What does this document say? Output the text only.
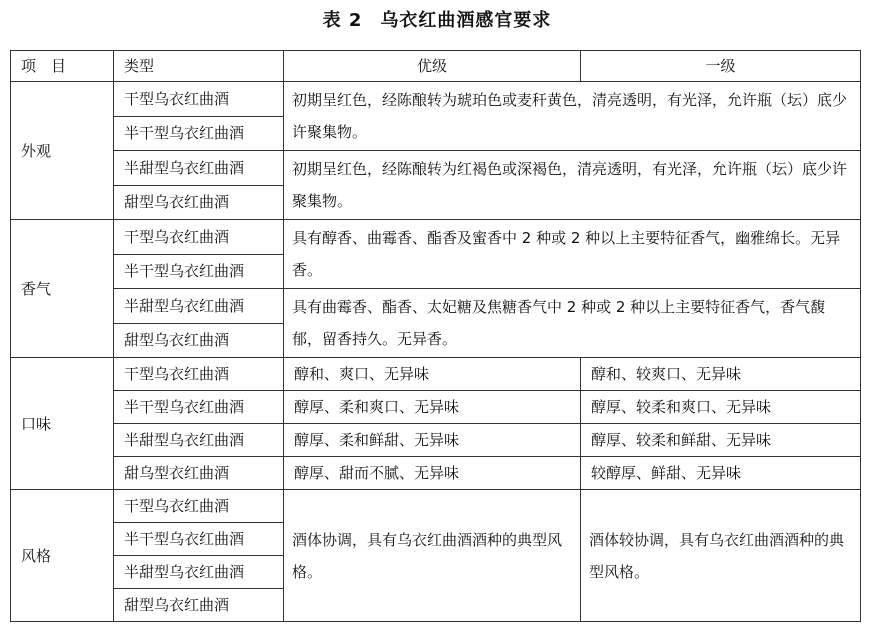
表 2 乌衣红曲酒感官要求
项　目	类型	优级	一级
外观	干型乌衣红曲酒	初期呈红色，经陈酿转为琥珀色或麦秆黄色，清亮透明，有光泽，允许瓶（坛）底少许聚集物。	
	半干型乌衣红曲酒		
	半甜型乌衣红曲酒	初期呈红色，经陈酿转为红褐色或深褐色，清亮透明，有光泽，允许瓶（坛）底少许聚集物。	
	甜型乌衣红曲酒		
香气	干型乌衣红曲酒	具有醇香、曲霉香、酯香及蜜香中 2 种或 2 种以上主要特征香气，幽雅绵长。无异香。	
	半干型乌衣红曲酒		
	半甜型乌衣红曲酒	具有曲霉香、酯香、太妃糖及焦糖香气中 2 种或 2 种以上主要特征香气，香气馥郁，留香持久。无异香。	
	甜型乌衣红曲酒		
口味	干型乌衣红曲酒	醇和、爽口、无异味	醇和、较爽口、无异味
	半干型乌衣红曲酒	醇厚、柔和爽口、无异味	醇厚、较柔和爽口、无异味
	半甜型乌衣红曲酒	醇厚、柔和鲜甜、无异味	醇厚、较柔和鲜甜、无异味
	甜乌型衣红曲酒	醇厚、甜而不腻、无异味	较醇厚、鲜甜、无异味
风格	干型乌衣红曲酒	酒体协调，具有乌衣红曲酒酒种的典型风格。	酒体较协调，具有乌衣红曲酒酒种的典型风格。
	半干型乌衣红曲酒		
	半甜型乌衣红曲酒		
	甜型乌衣红曲酒		
